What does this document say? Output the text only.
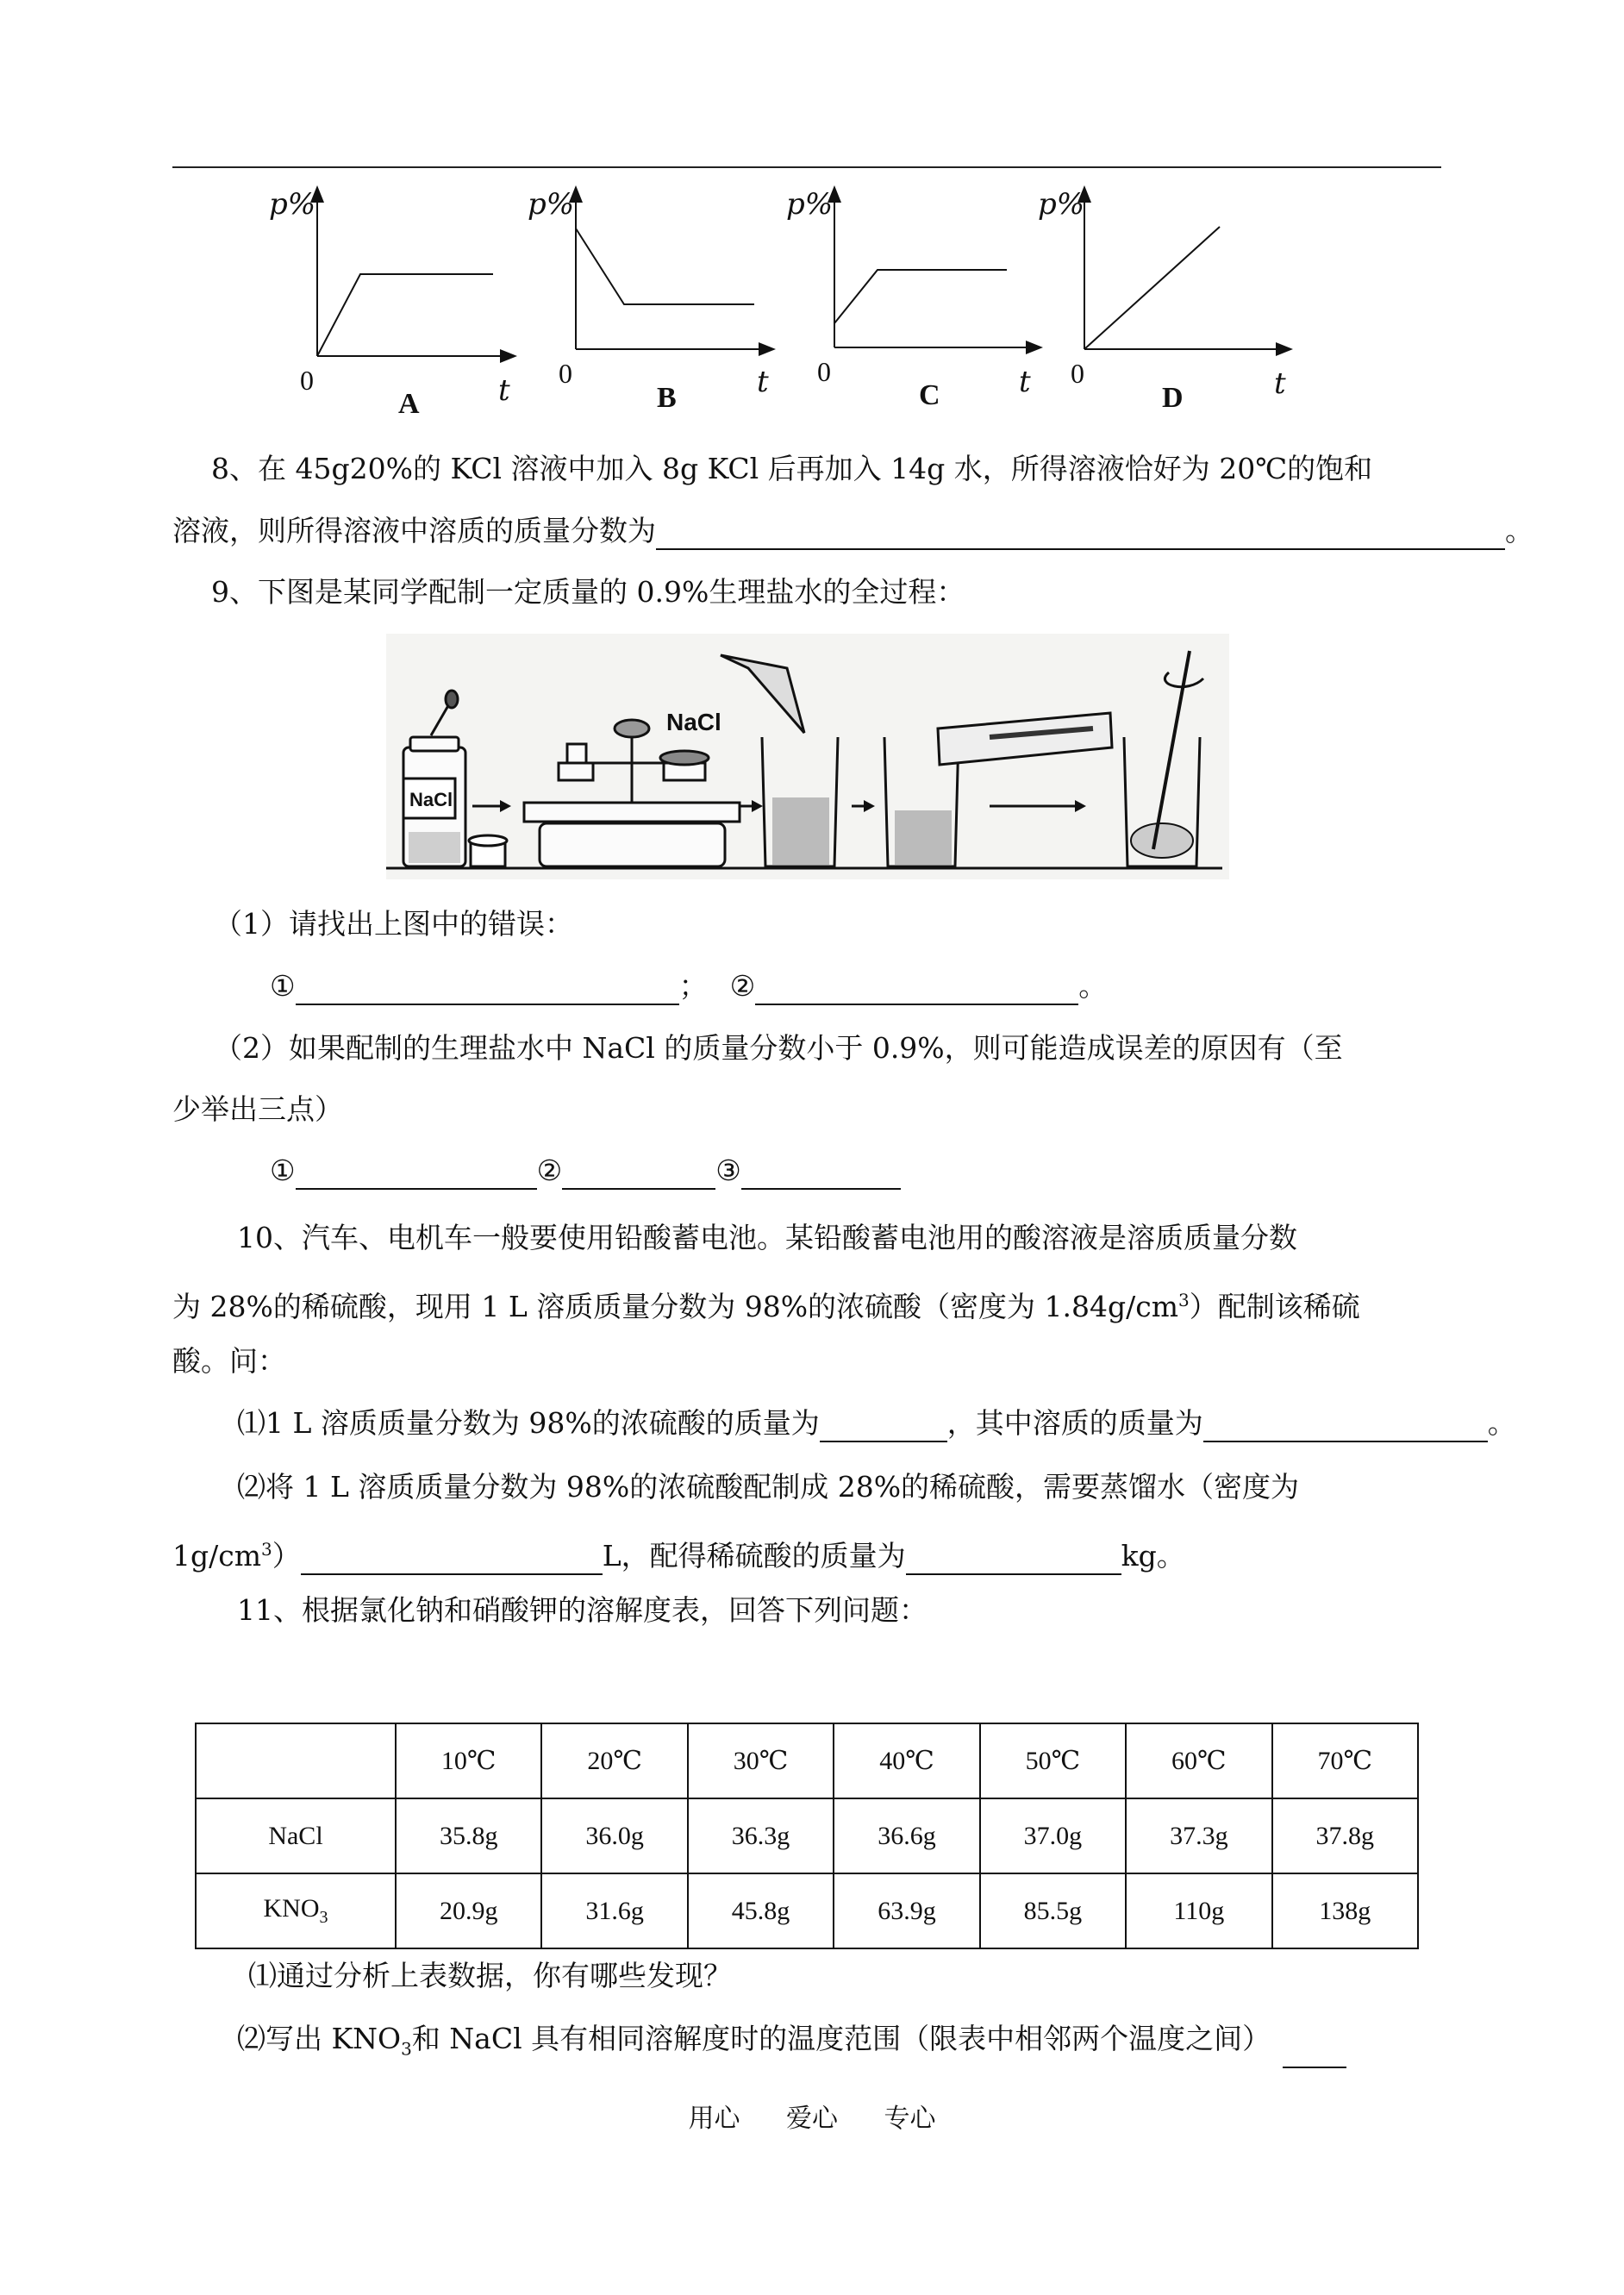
p%
0	t
A
p%
0	t
B
p%
0	t
C
p%
0	t
D
8、在 45g20%的 KCl 溶液中加入 8g KCl 后再加入 14g 水，所得溶液恰好为 20℃的饱和
溶液，则所得溶液中溶质的质量分数为	。
9、下图是某同学配制一定质量的 0.9%生理盐水的全过程：
NaCl
NaCl
（1）请找出上图中的错误：
①	； ②	。
（2）如果配制的生理盐水中 NaCl 的质量分数小于 0.9%，则可能造成误差的原因有（至
少举出三点）
①	②	③
10、汽车、电机车一般要使用铅酸蓄电池。某铅酸蓄电池用的酸溶液是溶质质量分数
为 28%的稀硫酸，现用 1 L 溶质质量分数为 98%的浓硫酸（密度为 $1.84g/cm^3$）配制该稀硫
酸。问：
⑴1 L 溶质质量分数为 98%的浓硫酸的质量为	，其中溶质的质量为	。
⑵将 1 L 溶质质量分数为 98%的浓硫酸配制成 28%的稀硫酸，需要蒸馏水（密度为
$1g/cm^3$）	L，配得稀硫酸的质量为	kg。
11、根据氯化钠和硝酸钾的溶解度表，回答下列问题：
	10℃	20℃	30℃	40℃	50℃	60℃	70℃
NaCl	35.8g	36.0g	36.3g	36.6g	37.0g	37.3g	37.8g
$KNO_3$	20.9g	31.6g	45.8g	63.9g	85.5g	110g	138g
⑴通过分析上表数据，你有哪些发现？
⑵写出 $KNO_3$和 NaCl 具有相同溶解度时的温度范围（限表中相邻两个温度之间）
用心 爱心 专心
